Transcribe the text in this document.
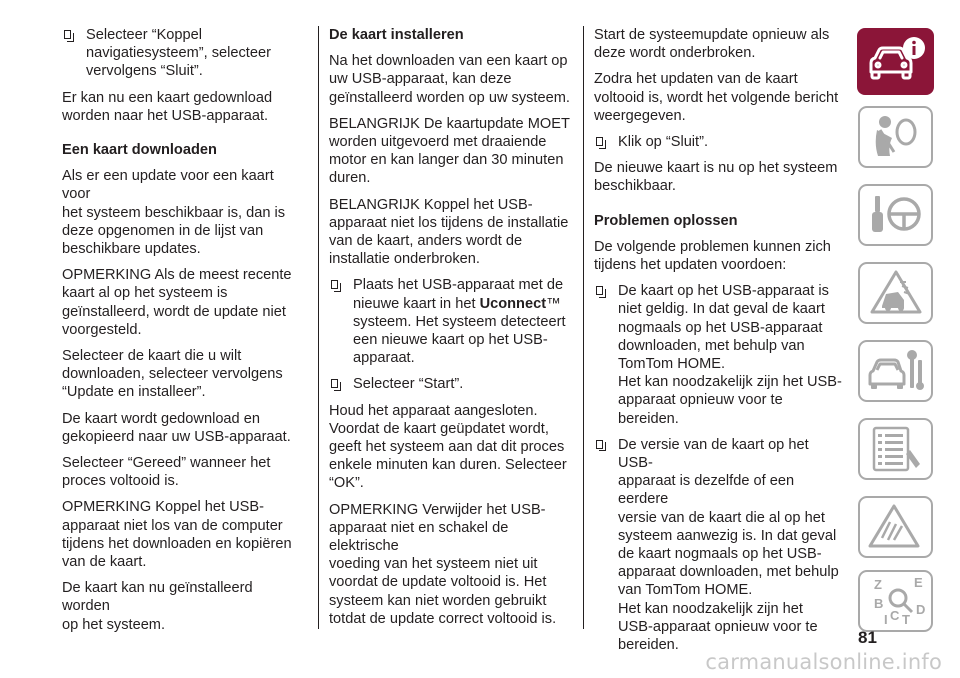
Selecteer “Koppel
navigatiesysteem”, selecteer
vervolgens “Sluit”.

Er kan nu een kaart gedownload
worden naar het USB-apparaat.

Een kaart downloaden

Als er een update voor een kaart voor
het systeem beschikbaar is, dan is
deze opgenomen in de lijst van
beschikbare updates.

OPMERKING Als de meest recente
kaart al op het systeem is
geïnstalleerd, wordt de update niet
voorgesteld.

Selecteer de kaart die u wilt
downloaden, selecteer vervolgens
“Update en installeer”.

De kaart wordt gedownload en
gekopieerd naar uw USB-apparaat.

Selecteer “Gereed” wanneer het
proces voltooid is.

OPMERKING Koppel het USB-
apparaat niet los van de computer
tijdens het downloaden en kopiëren
van de kaart.

De kaart kan nu geïnstalleerd worden
op het systeem.

De kaart installeren

Na het downloaden van een kaart op
uw USB-apparaat, kan deze
geïnstalleerd worden op uw systeem.

BELANGRIJK De kaartupdate MOET
worden uitgevoerd met draaiende
motor en kan langer dan 30 minuten
duren.

BELANGRIJK Koppel het USB-
apparaat niet los tijdens de installatie
van de kaart, anders wordt de
installatie onderbroken.

Plaats het USB-apparaat met de
nieuwe kaart in het Uconnect™
systeem. Het systeem detecteert
een nieuwe kaart op het USB-
apparaat.
Selecteer “Start”.

Houd het apparaat aangesloten.
Voordat de kaart geüpdatet wordt,
geeft het systeem aan dat dit proces
enkele minuten kan duren. Selecteer
“OK”.

OPMERKING Verwijder het USB-
apparaat niet en schakel de elektrische
voeding van het systeem niet uit
voordat de update voltooid is. Het
systeem kan niet worden gebruikt
totdat de update correct voltooid is.

Start de systeemupdate opnieuw als
deze wordt onderbroken.

Zodra het updaten van de kaart
voltooid is, wordt het volgende bericht
weergegeven.

Klik op “Sluit”.

De nieuwe kaart is nu op het systeem
beschikbaar.

Problemen oplossen

De volgende problemen kunnen zich
tijdens het updaten voordoen:

De kaart op het USB-apparaat is
niet geldig. In dat geval de kaart
nogmaals op het USB-apparaat
downloaden, met behulp van
TomTom HOME.
Het kan noodzakelijk zijn het USB-
apparaat opnieuw voor te bereiden.
De versie van de kaart op het USB-
apparaat is dezelfde of een eerdere
versie van de kaart die al op het
systeem aanwezig is. In dat geval
de kaart nogmaals op het USB-
apparaat downloaden, met behulp
van TomTom HOME.
Het kan noodzakelijk zijn het
USB-apparaat opnieuw voor te
bereiden.
Z E
B
C T
D
I
81
carmanualsonline.info
